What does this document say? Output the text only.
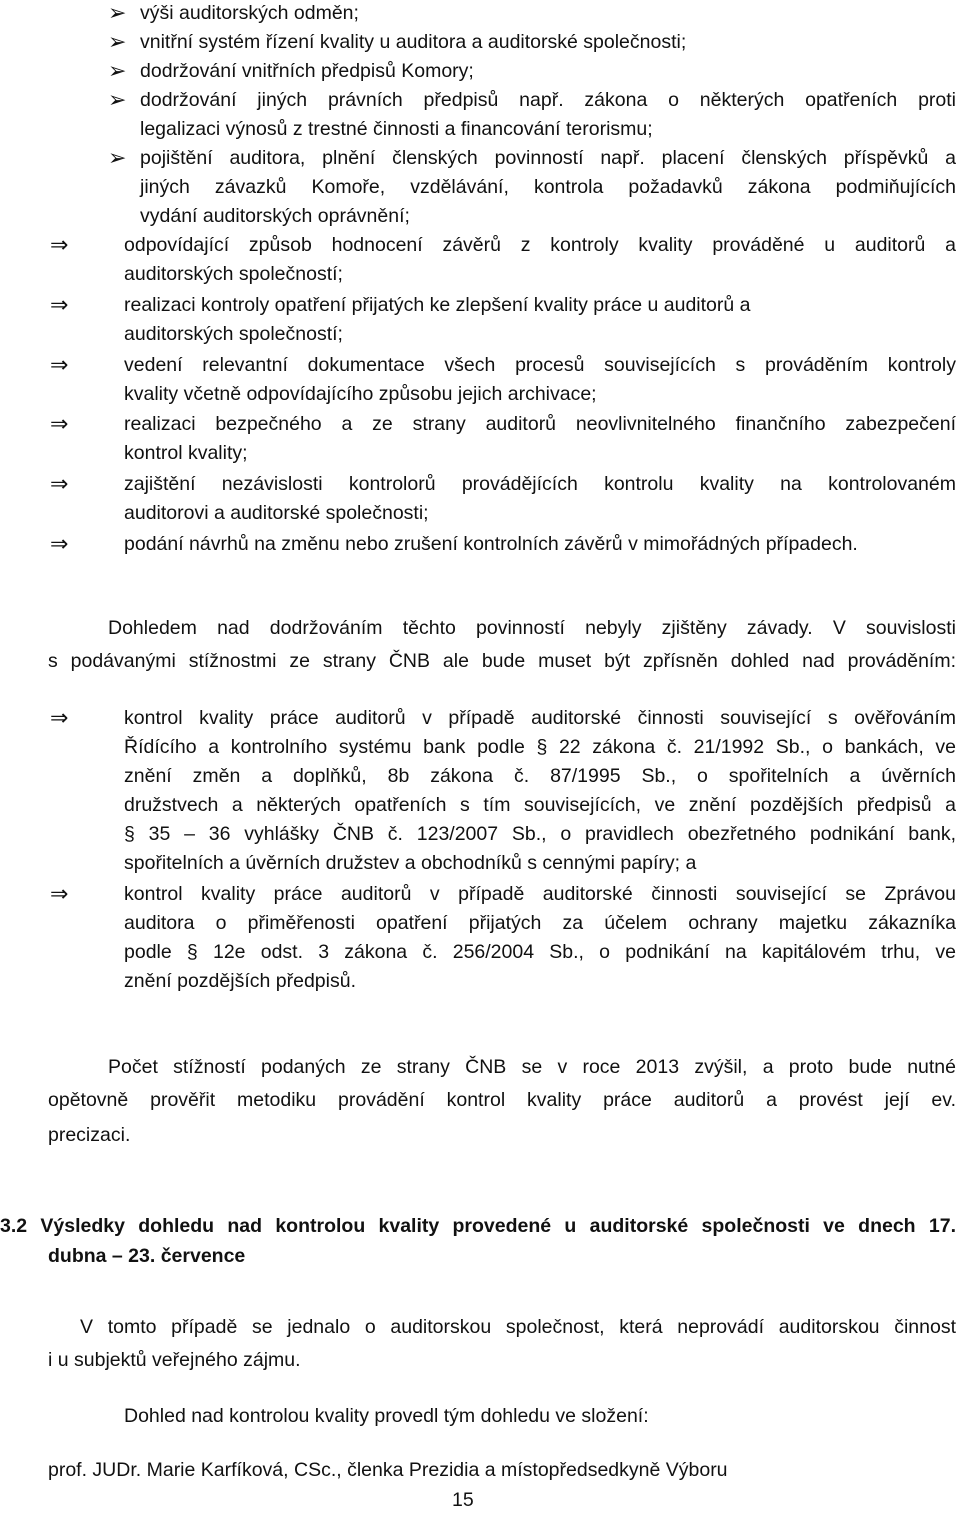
➢ výši auditorských odměn;
➢ vnitřní systém řízení kvality u auditora a auditorské společnosti;
➢ dodržování vnitřních předpisů Komory;
➢ dodržování jiných právních předpisů např. zákona o některých opatřeních proti
legalizaci výnosů z trestné činnosti a financování terorismu;
➢ pojištění auditora, plnění členských povinností např. placení členských příspěvků a
jiných závazků Komoře, vzdělávání, kontrola požadavků zákona podmiňujících
vydání auditorských oprávnění;
⇒	odpovídající způsob hodnocení závěrů z kontroly kvality prováděné u auditorů a
auditorských společností;
⇒	realizaci kontroly opatření přijatých ke zlepšení kvality práce u auditorů a
auditorských společností;
⇒	vedení relevantní dokumentace všech procesů souvisejících s prováděním kontroly
kvality včetně odpovídajícího způsobu jejich archivace;
⇒	realizaci bezpečného a ze strany auditorů neovlivnitelného finančního zabezpečení
kontrol kvality;
⇒	zajištění nezávislosti kontrolorů provádějících kontrolu kvality na kontrolovaném
auditorovi a auditorské společnosti;
⇒	podání návrhů na změnu nebo zrušení kontrolních závěrů v mimořádných případech.
Dohledem nad dodržováním těchto povinností nebyly zjištěny závady. V souvislosti
s podávanými stížnostmi ze strany ČNB ale bude muset být zpřísněn dohled nad prováděním:
⇒	kontrol kvality práce auditorů v případě auditorské činnosti související s ověřováním
Řídícího a kontrolního systému bank podle § 22 zákona č. 21/1992 Sb., o bankách, ve
znění změn a doplňků, 8b zákona č. 87/1995 Sb., o spořitelních a úvěrních
družstvech a některých opatřeních s tím souvisejících, ve znění pozdějších předpisů a
§ 35 – 36 vyhlášky ČNB č. 123/2007 Sb., o pravidlech obezřetného podnikání bank,
spořitelních a úvěrních družstev a obchodníků s cennými papíry; a
⇒	kontrol kvality práce auditorů v případě auditorské činnosti související se Zprávou
auditora o přiměřenosti opatření přijatých za účelem ochrany majetku zákazníka
podle § 12e odst. 3 zákona č. 256/2004 Sb., o podnikání na kapitálovém trhu, ve
znění pozdějších předpisů.
Počet stížností podaných ze strany ČNB se v roce 2013 zvýšil, a proto bude nutné
opětovně prověřit metodiku provádění kontrol kvality práce auditorů a provést její ev.
precizaci.
3.2 Výsledky dohledu nad kontrolou kvality provedené u auditorské společnosti ve dnech 17.
dubna – 23. července
V tomto případě se jednalo o auditorskou společnost, která neprovádí auditorskou činnost
i u subjektů veřejného zájmu.
Dohled nad kontrolou kvality provedl tým dohledu ve složení:
prof. JUDr. Marie Karfíková, CSc., členka Prezidia a místopředsedkyně Výboru
15
